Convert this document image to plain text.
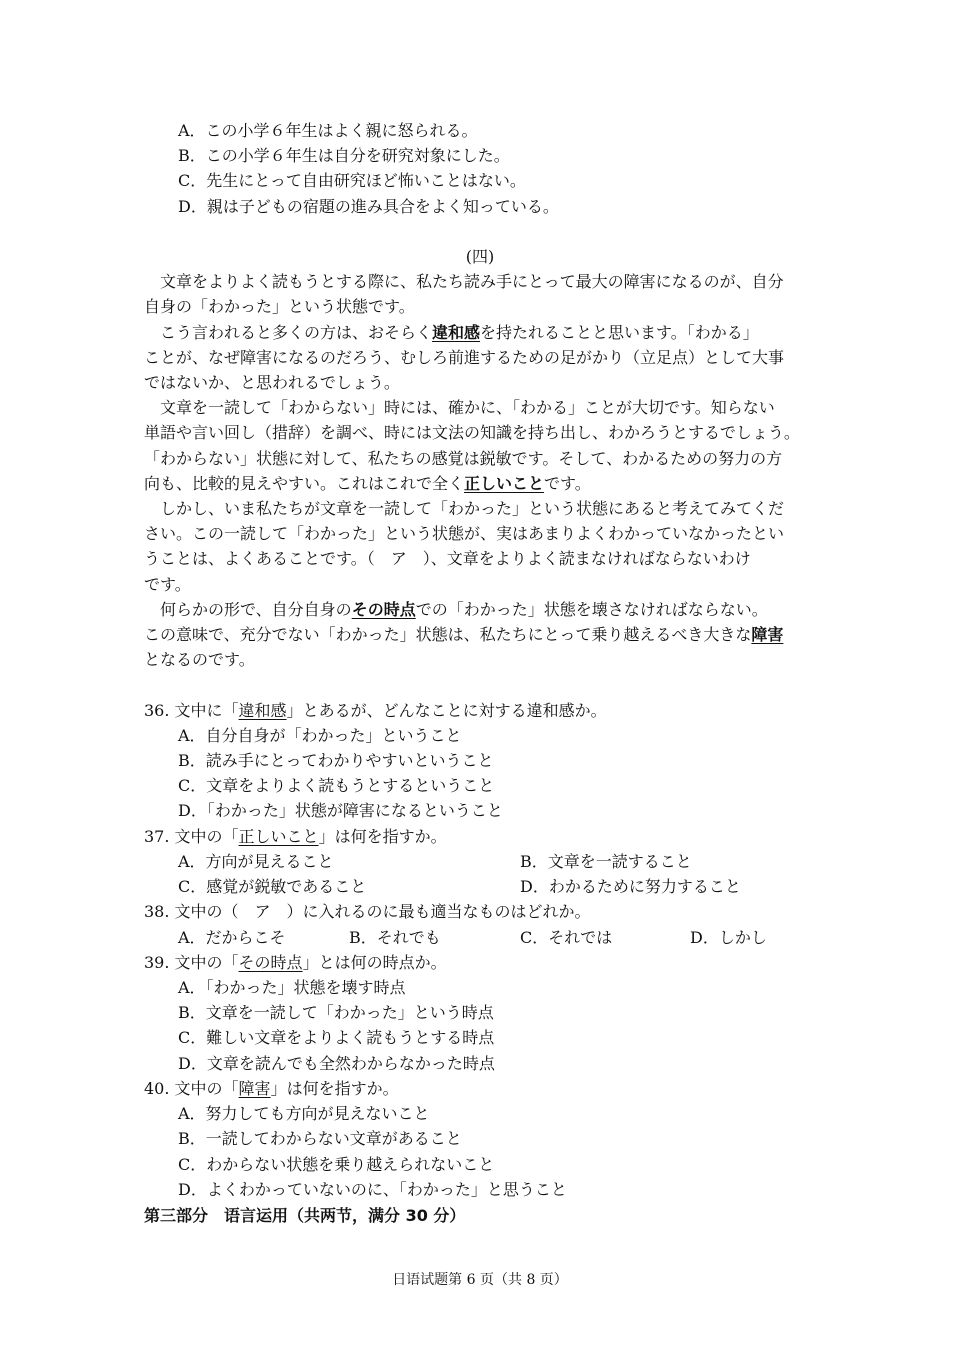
A．この小学６年生はよく親に怒られる。
B．この小学６年生は自分を研究対象にした。
C．先生にとって自由研究ほど怖いことはない。
D．親は子どもの宿題の進み具合をよく知っている。
(四)
文章をよりよく読もうとする際に、私たち読み手にとって最大の障害になるのが、自分
自身の「わかった」という状態です。
こう言われると多くの方は、おそらく違和感を持たれることと思います。「わかる」
ことが、なぜ障害になるのだろう、むしろ前進するための足がかり（立足点）として大事
ではないか、と思われるでしょう。
文章を一読して「わからない」時には、確かに、「わかる」ことが大切です。知らない
単語や言い回し（措辞）を調べ、時には文法の知識を持ち出し、わかろうとするでしょう。
「わからない」状態に対して、私たちの感覚は鋭敏です。そして、わかるための努力の方
向も、比較的見えやすい。これはこれで全く正しいことです。
しかし、いま私たちが文章を一読して「わかった」という状態にあると考えてみてくだ
さい。この一読して「わかった」という状態が、実はあまりよくわかっていなかったとい
うことは、よくあることです。（　ア　）、文章をよりよく読まなければならないわけ
です。
何らかの形で、自分自身のその時点での「わかった」状態を壊さなければならない。
この意味で、充分でない「わかった」状態は、私たちにとって乗り越えるべき大きな障害
となるのです。
36. 文中に「違和感」とあるが、どんなことに対する違和感か。
A．自分自身が「わかった」ということ
B．読み手にとってわかりやすいということ
C．文章をよりよく読もうとするということ
D．「わかった」状態が障害になるということ
37. 文中の「正しいこと」は何を指すか。
A．方向が見えること	B．文章を一読すること
C．感覚が鋭敏であること	D．わかるために努力すること
38. 文中の（　ア　）に入れるのに最も適当なものはどれか。
A．だからこそ	B．それでも	C．それでは	D．しかし
39. 文中の「その時点」とは何の時点か。
A．「わかった」状態を壊す時点
B．文章を一読して「わかった」という時点
C．難しい文章をよりよく読もうとする時点
D．文章を読んでも全然わからなかった時点
40. 文中の「障害」は何を指すか。
A．努力しても方向が見えないこと
B．一読してわからない文章があること
C．わからない状態を乗り越えられないこと
D．よくわかっていないのに、「わかった」と思うこと
第三部分　语言运用（共两节，满分 30 分）
日语试题第 6 页（共 8 页）
